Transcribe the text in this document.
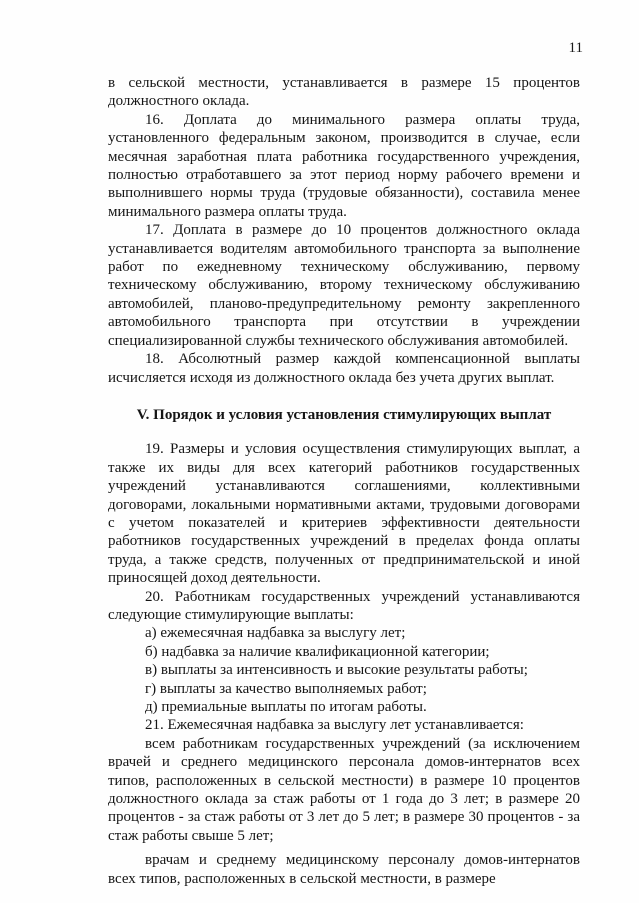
11

в сельской местности, устанавливается в размере 15 процентов должностного оклада.

16. Доплата до минимального размера оплаты труда, установленного федеральным законом, производится в случае, если месячная заработная плата работника государственного учреждения, полностью отработавшего за этот период норму рабочего времени и выполнившего нормы труда (трудовые обязанности), составила менее минимального размера оплаты труда.

17. Доплата в размере до 10 процентов должностного оклада устанавливается водителям автомобильного транспорта за выполнение работ по ежедневному техническому обслуживанию, первому техническому обслуживанию, второму техническому обслуживанию автомобилей, планово-предупредительному ремонту закрепленного автомобильного транспорта при отсутствии в учреждении специализированной службы технического обслуживания автомобилей.

18. Абсолютный размер каждой компенсационной выплаты исчисляется исходя из должностного оклада без учета других выплат.

V. Порядок и условия установления стимулирующих выплат

19. Размеры и условия осуществления стимулирующих выплат, а также их виды для всех категорий работников государственных учреждений устанавливаются соглашениями, коллективными договорами, локальными нормативными актами, трудовыми договорами с учетом показателей и критериев эффективности деятельности работников государственных учреждений в пределах фонда оплаты труда, а также средств, полученных от предпринимательской и иной приносящей доход деятельности.

20. Работникам государственных учреждений устанавливаются следующие стимулирующие выплаты:

а) ежемесячная надбавка за выслугу лет;

б) надбавка за наличие квалификационной категории;

в) выплаты за интенсивность и высокие результаты работы;

г) выплаты за качество выполняемых работ;

д) премиальные выплаты по итогам работы.

21. Ежемесячная надбавка за выслугу лет устанавливается:

всем работникам государственных учреждений (за исключением врачей и среднего медицинского персонала домов-интернатов всех типов, расположенных в сельской местности) в размере 10 процентов должностного оклада за стаж работы от 1 года до 3 лет; в размере 20 процентов - за стаж работы от 3 лет до 5 лет; в размере 30 процентов - за стаж работы свыше 5 лет;

врачам и среднему медицинскому персоналу домов-интернатов всех типов, расположенных в сельской местности, в размере
